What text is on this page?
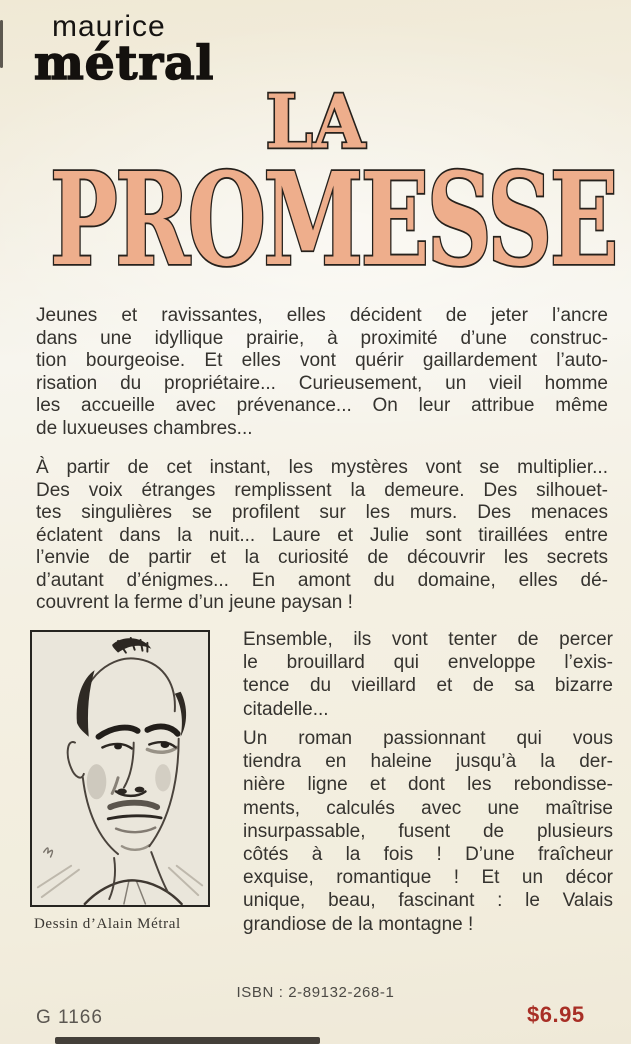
maurice
métral
LA
PROMESSE
Jeunes et ravissantes, elles décident de jeter l’ancre
dans une idyllique prairie, à proximité d’une construc-
tion bourgeoise. Et elles vont quérir gaillardement l’auto-
risation du propriétaire... Curieusement, un vieil homme
les accueille avec prévenance... On leur attribue même
de luxueuses chambres...
À partir de cet instant, les mystères vont se multiplier...
Des voix étranges remplissent la demeure. Des silhouet-
tes singulières se profilent sur les murs. Des menaces
éclatent dans la nuit... Laure et Julie sont tiraillées entre
l’envie de partir et la curiosité de découvrir les secrets
d’autant d’énigmes... En amont du domaine, elles dé-
couvrent la ferme d’un jeune paysan !
Ensemble, ils vont tenter de percer
le brouillard qui enveloppe l’exis-
tence du vieillard et de sa bizarre
citadelle...
Un roman passionnant qui vous
tiendra en haleine jusqu’à la der-
nière ligne et dont les rebondisse-
ments, calculés avec une maîtrise
insurpassable, fusent de plusieurs
côtés à la fois ! D’une fraîcheur
exquise, romantique ! Et un décor
unique, beau, fascinant : le Valais
grandiose de la montagne !
Dessin d’Alain Métral
ISBN : 2-89132-268-1
G 1166	$6.95
